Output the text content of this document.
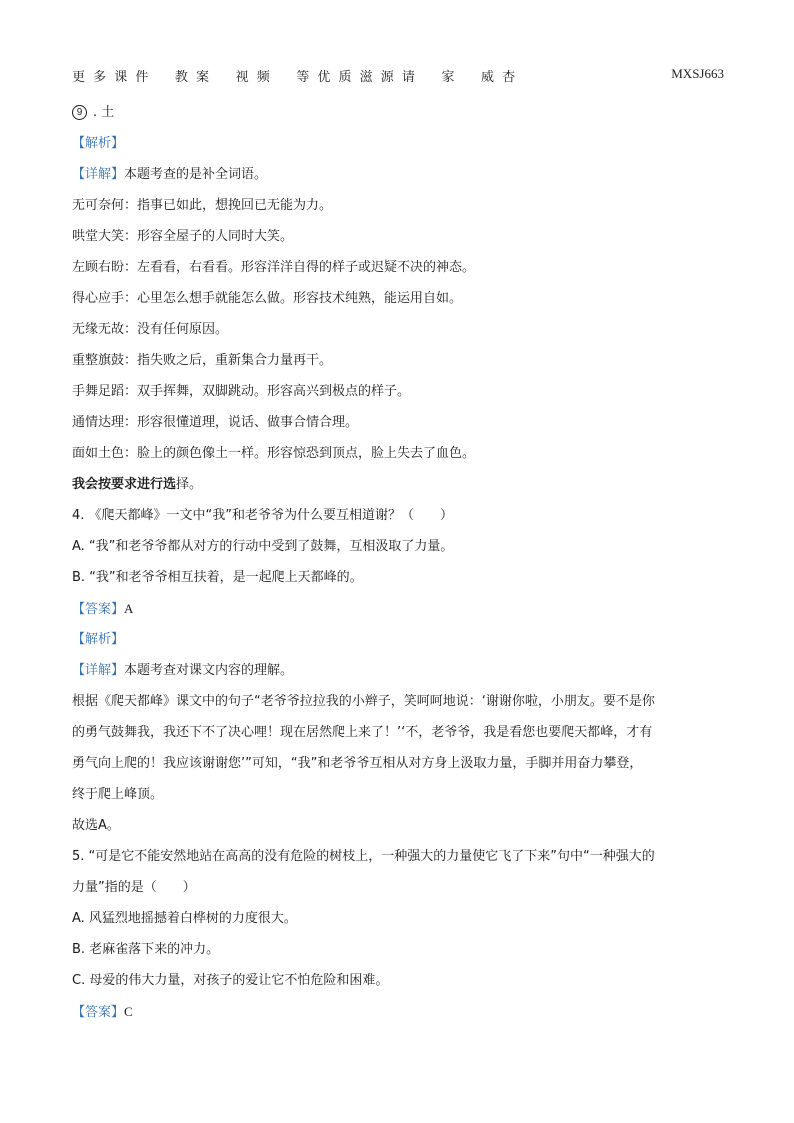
更 多 课 件    教 案    视 频    等 优 质 滋 源 请    家    威 杏	MXSJ663
9 . 土
【解析】
【详解】本题考查的是补全词语。
无可奈何：指事已如此，想挽回已无能为力。
哄堂大笑：形容全屋子的人同时大笑。
左顾右盼：左看看，右看看。形容洋洋自得的样子或迟疑不决的神态。
得心应手：心里怎么想手就能怎么做。形容技术纯熟，能运用自如。
无缘无故：没有任何原因。
重整旗鼓：指失败之后，重新集合力量再干。
手舞足蹈：双手挥舞，双脚跳动。形容高兴到极点的样子。
通情达理：形容很懂道理，说话、做事合情合理。
面如土色：脸上的颜色像土一样。形容惊恐到顶点，脸上失去了血色。
我会按要求进行选择。
4. 《爬天都峰》一文中“我”和老爷爷为什么要互相道谢？（　　）
A. “我”和老爷爷都从对方的行动中受到了鼓舞，互相汲取了力量。
B. “我”和老爷爷相互扶着，是一起爬上天都峰的。
【答案】A
【解析】
【详解】本题考查对课文内容的理解。
根据《爬天都峰》课文中的句子“老爷爷拉拉我的小辫子，笑呵呵地说：‘谢谢你啦，小朋友。要不是你
的勇气鼓舞我，我还下不了决心哩！现在居然爬上来了！’‘不，老爷爷，我是看您也要爬天都峰，才有
勇气向上爬的！我应该谢谢您’”可知，“我”和老爷爷互相从对方身上汲取力量，手脚并用奋力攀登，
终于爬上峰顶。
故选A。
5. “可是它不能安然地站在高高的没有危险的树枝上，一种强大的力量使它飞了下来”句中“一种强大的
力量”指的是（　　）
A. 风猛烈地摇撼着白桦树的力度很大。
B. 老麻雀落下来的冲力。
C. 母爱的伟大力量，对孩子的爱让它不怕危险和困难。
【答案】C
